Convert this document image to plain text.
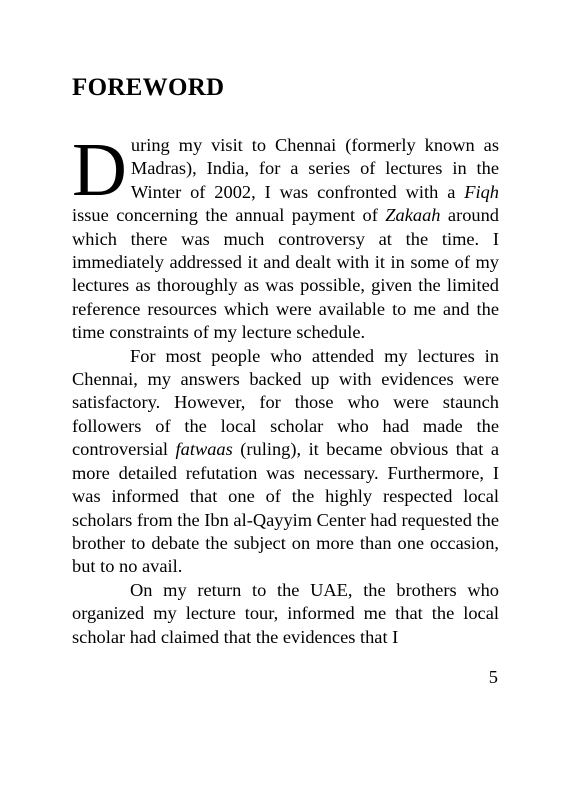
FOREWORD

During my visit to Chennai (formerly known as Madras), India, for a series of lectures in the Winter of 2002, I was confronted with a Fiqh issue concerning the annual payment of Zakaah around which there was much controversy at the time. I immediately addressed it and dealt with it in some of my lectures as thoroughly as was possible, given the limited reference resources which were available to me and the time constraints of my lecture schedule.

For most people who attended my lectures in Chennai, my answers backed up with evidences were satisfactory. However, for those who were staunch followers of the local scholar who had made the controversial fatwaas (ruling), it became obvious that a more detailed refutation was necessary. Furthermore, I was informed that one of the highly respected local scholars from the Ibn al-Qayyim Center had requested the brother to debate the subject on more than one occasion, but to no avail.

On my return to the UAE, the brothers who organized my lecture tour, informed me that the local scholar had claimed that the evidences that I

5
